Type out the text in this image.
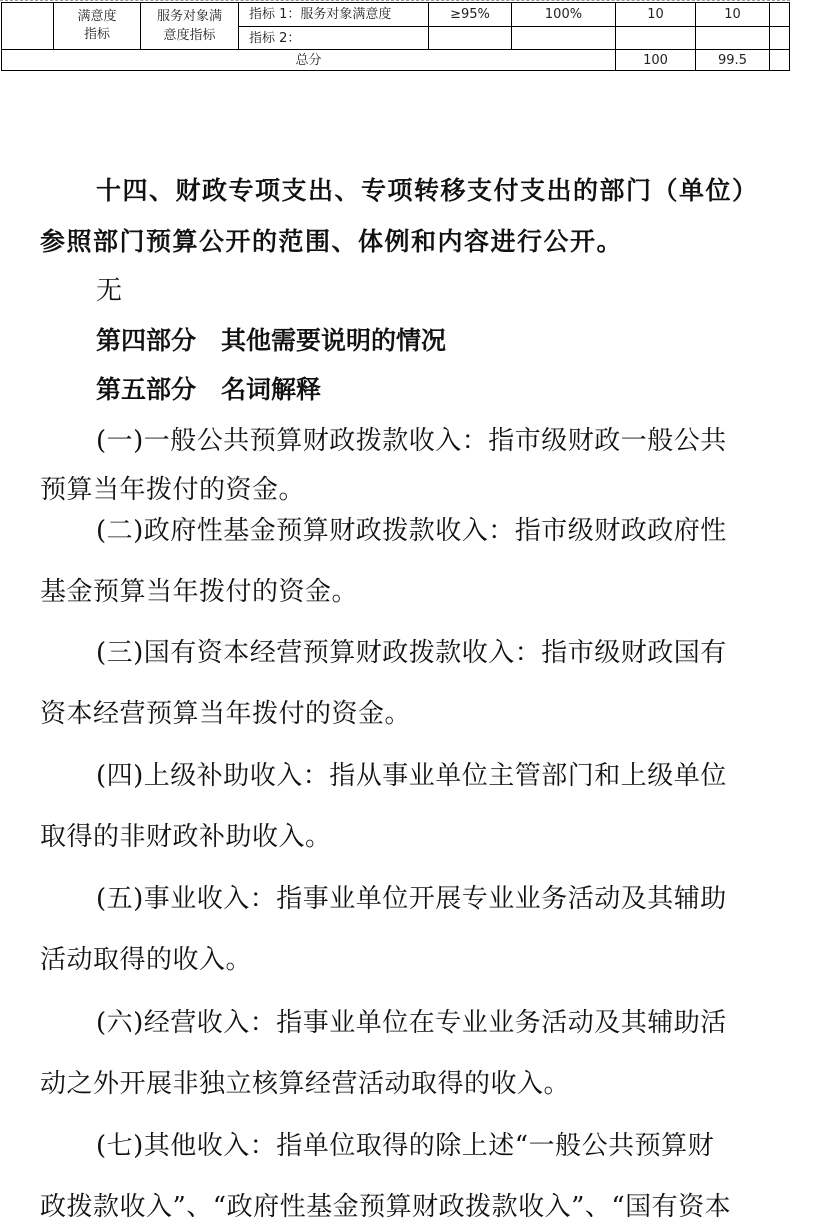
	满意度指标	服务对象满意度指标	指标 1：服务对象满意度	≥95%	100%	10	10	
			指标 2：					
总分						100	99.5	
十四、财政专项支出、专项转移支付支出的部门（单位）
参照部门预算公开的范围、体例和内容进行公开。
无
第四部分　其他需要说明的情况
第五部分　名词解释
(一)一般公共预算财政拨款收入：指市级财政一般公共
预算当年拨付的资金。
(二)政府性基金预算财政拨款收入：指市级财政政府性
基金预算当年拨付的资金。
(三)国有资本经营预算财政拨款收入：指市级财政国有
资本经营预算当年拨付的资金。
(四)上级补助收入：指从事业单位主管部门和上级单位
取得的非财政补助收入。
(五)事业收入：指事业单位开展专业业务活动及其辅助
活动取得的收入。
(六)经营收入：指事业单位在专业业务活动及其辅助活
动之外开展非独立核算经营活动取得的收入。
(七)其他收入：指单位取得的除上述“一般公共预算财
政拨款收入”、“政府性基金预算财政拨款收入”、“国有资本
